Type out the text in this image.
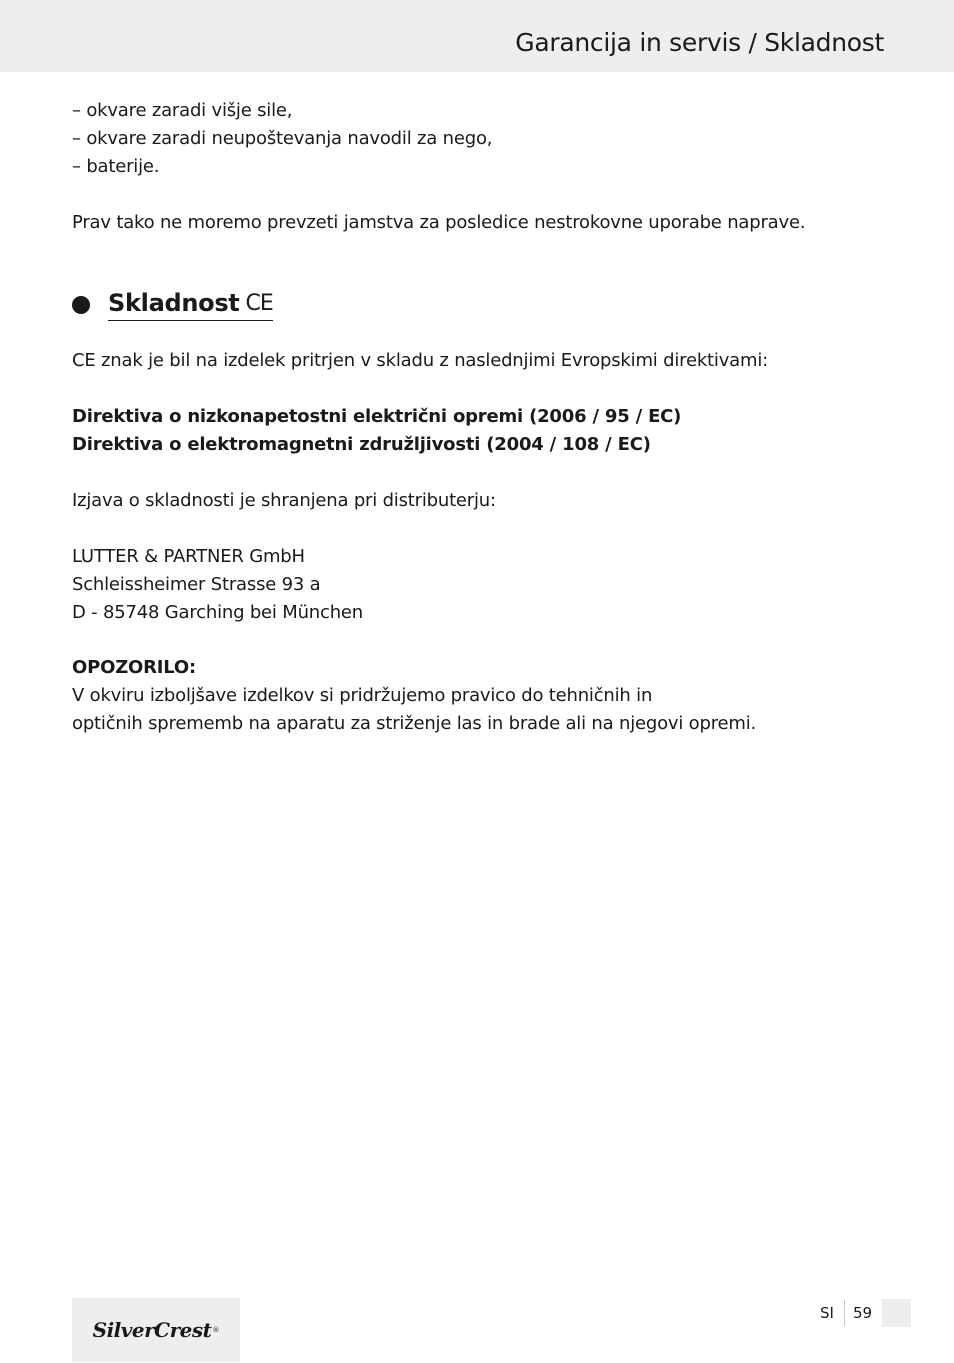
Garancija in servis / Skladnost
– okvare zaradi višje sile,
– okvare zaradi neupoštevanja navodil za nego,
– baterije.
Prav tako ne moremo prevzeti jamstva za posledice nestrokovne uporabe naprave.
Skladnost CE
CE znak je bil na izdelek pritrjen v skladu z naslednjimi Evropskimi direktivami:
Direktiva o nizkonapetostni električni opremi (2006 / 95 / EC)
Direktiva o elektromagnetni združljivosti (2004 / 108 / EC)
Izjava o skladnosti je shranjena pri distributerju:
LUTTER & PARTNER GmbH
Schleissheimer Strasse 93 a
D - 85748 Garching bei München
OPOZORILO:
V okviru izboljšave izdelkov si pridržujemo pravico do tehničnih in
optičnih sprememb na aparatu za striženje las in brade ali na njegovi opremi.
SilverCrest ®
SI 59
